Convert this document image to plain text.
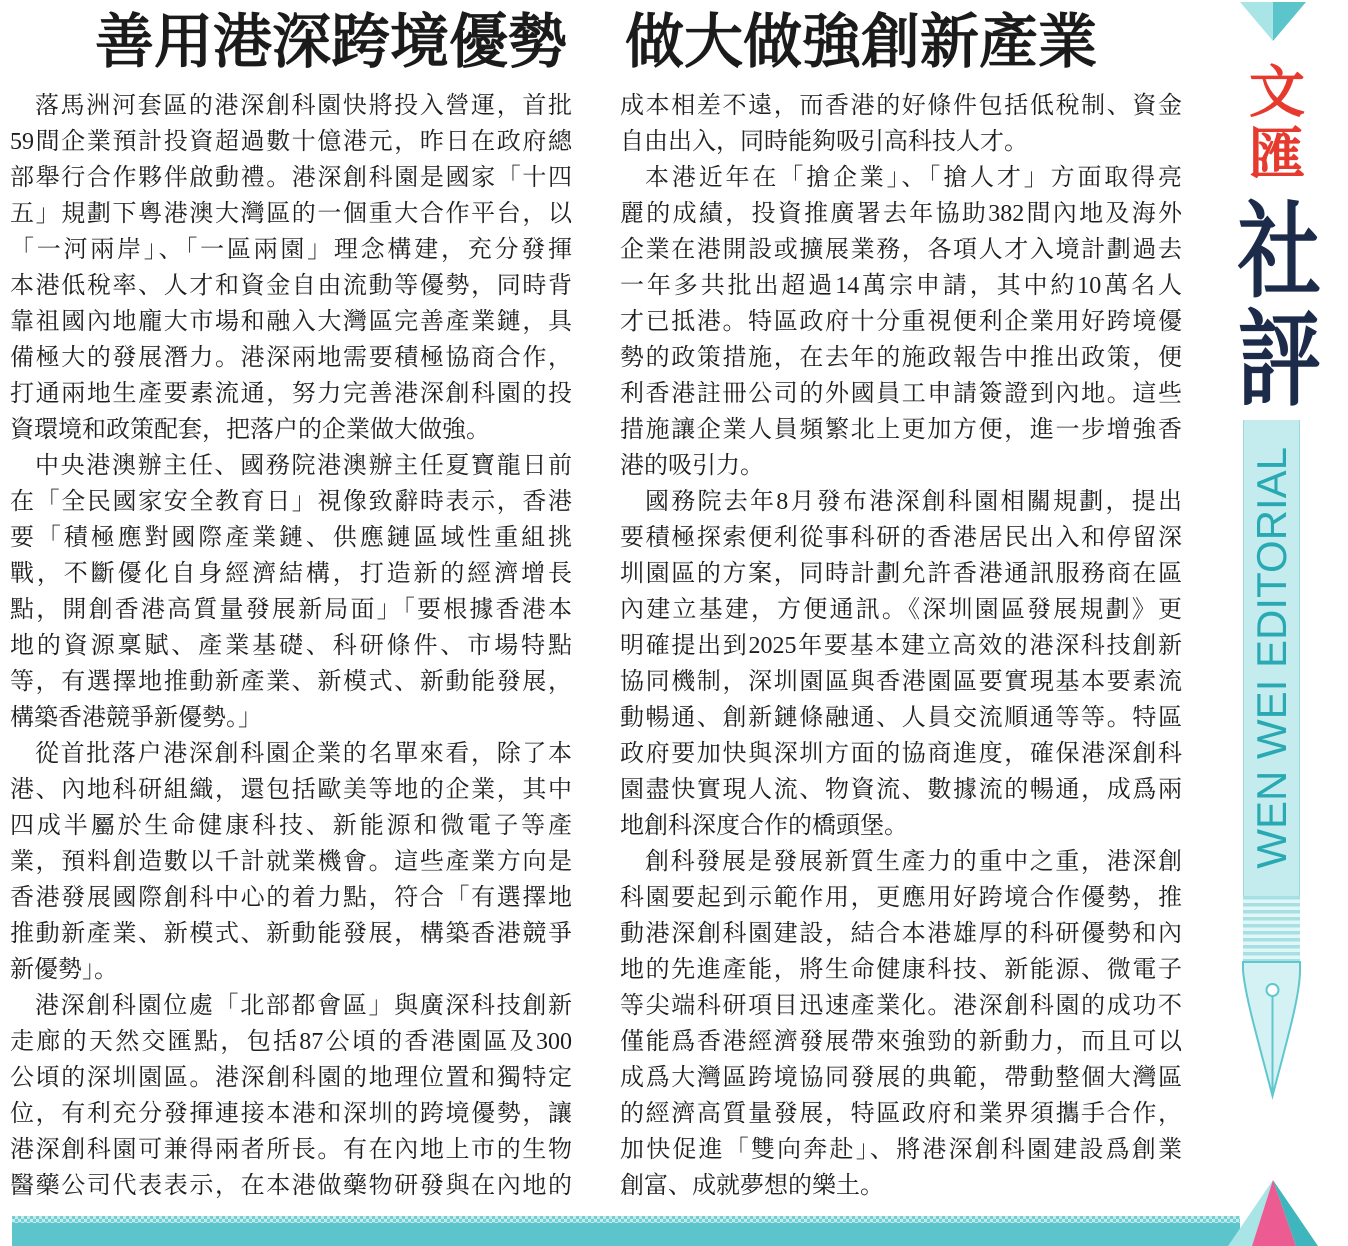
善用港深跨境優勢 做大做強創新產業
落馬洲河套區的港深創科園快將投入營運，首批
59間企業預計投資超過數十億港元，昨日在政府總
部舉行合作夥伴啟動禮。港深創科園是國家「十四
五」規劃下粵港澳大灣區的一個重大合作平台，以
「一河兩岸」、「一區兩園」理念構建，充分發揮
本港低稅率、人才和資金自由流動等優勢，同時背
靠祖國內地龐大市場和融入大灣區完善產業鏈，具
備極大的發展潛力。港深兩地需要積極協商合作，
打通兩地生產要素流通，努力完善港深創科園的投
資環境和政策配套，把落户的企業做大做強。
中央港澳辦主任、國務院港澳辦主任夏寶龍日前
在「全民國家安全教育日」視像致辭時表示，香港
要「積極應對國際產業鏈、供應鏈區域性重組挑
戰，不斷優化自身經濟結構，打造新的經濟增長
點，開創香港高質量發展新局面」「要根據香港本
地的資源稟賦、產業基礎、科研條件、市場特點
等，有選擇地推動新產業、新模式、新動能發展，
構築香港競爭新優勢。」
從首批落户港深創科園企業的名單來看，除了本
港、內地科研組織，還包括歐美等地的企業，其中
四成半屬於生命健康科技、新能源和微電子等產
業，預料創造數以千計就業機會。這些產業方向是
香港發展國際創科中心的着力點，符合「有選擇地
推動新產業、新模式、新動能發展，構築香港競爭
新優勢」。
港深創科園位處「北部都會區」與廣深科技創新
走廊的天然交匯點，包括87公頃的香港園區及300
公頃的深圳園區。港深創科園的地理位置和獨特定
位，有利充分發揮連接本港和深圳的跨境優勢，讓
港深創科園可兼得兩者所長。有在內地上市的生物
醫藥公司代表表示，在本港做藥物研發與在內地的
成本相差不遠，而香港的好條件包括低稅制、資金
自由出入，同時能夠吸引高科技人才。
本港近年在「搶企業」、「搶人才」方面取得亮
麗的成績，投資推廣署去年協助382間內地及海外
企業在港開設或擴展業務，各項人才入境計劃過去
一年多共批出超過14萬宗申請，其中約10萬名人
才已抵港。特區政府十分重視便利企業用好跨境優
勢的政策措施，在去年的施政報告中推出政策，便
利香港註冊公司的外國員工申請簽證到內地。這些
措施讓企業人員頻繁北上更加方便，進一步增強香
港的吸引力。
國務院去年8月發布港深創科園相關規劃，提出
要積極探索便利從事科研的香港居民出入和停留深
圳園區的方案，同時計劃允許香港通訊服務商在區
內建立基建，方便通訊。《深圳園區發展規劃》更
明確提出到2025年要基本建立高效的港深科技創新
協同機制，深圳園區與香港園區要實現基本要素流
動暢通、創新鏈條融通、人員交流順通等等。特區
政府要加快與深圳方面的協商進度，確保港深創科
園盡快實現人流、物資流、數據流的暢通，成爲兩
地創科深度合作的橋頭堡。
創科發展是發展新質生產力的重中之重，港深創
科園要起到示範作用，更應用好跨境合作優勢，推
動港深創科園建設，結合本港雄厚的科研優勢和內
地的先進產能，將生命健康科技、新能源、微電子
等尖端科研項目迅速產業化。港深創科園的成功不
僅能爲香港經濟發展帶來強勁的新動力，而且可以
成爲大灣區跨境協同發展的典範，帶動整個大灣區
的經濟高質量發展，特區政府和業界須攜手合作，
加快促進「雙向奔赴」、將港深創科園建設爲創業
創富、成就夢想的樂土。
文匯
社評
WEN WEI EDITORIAL
